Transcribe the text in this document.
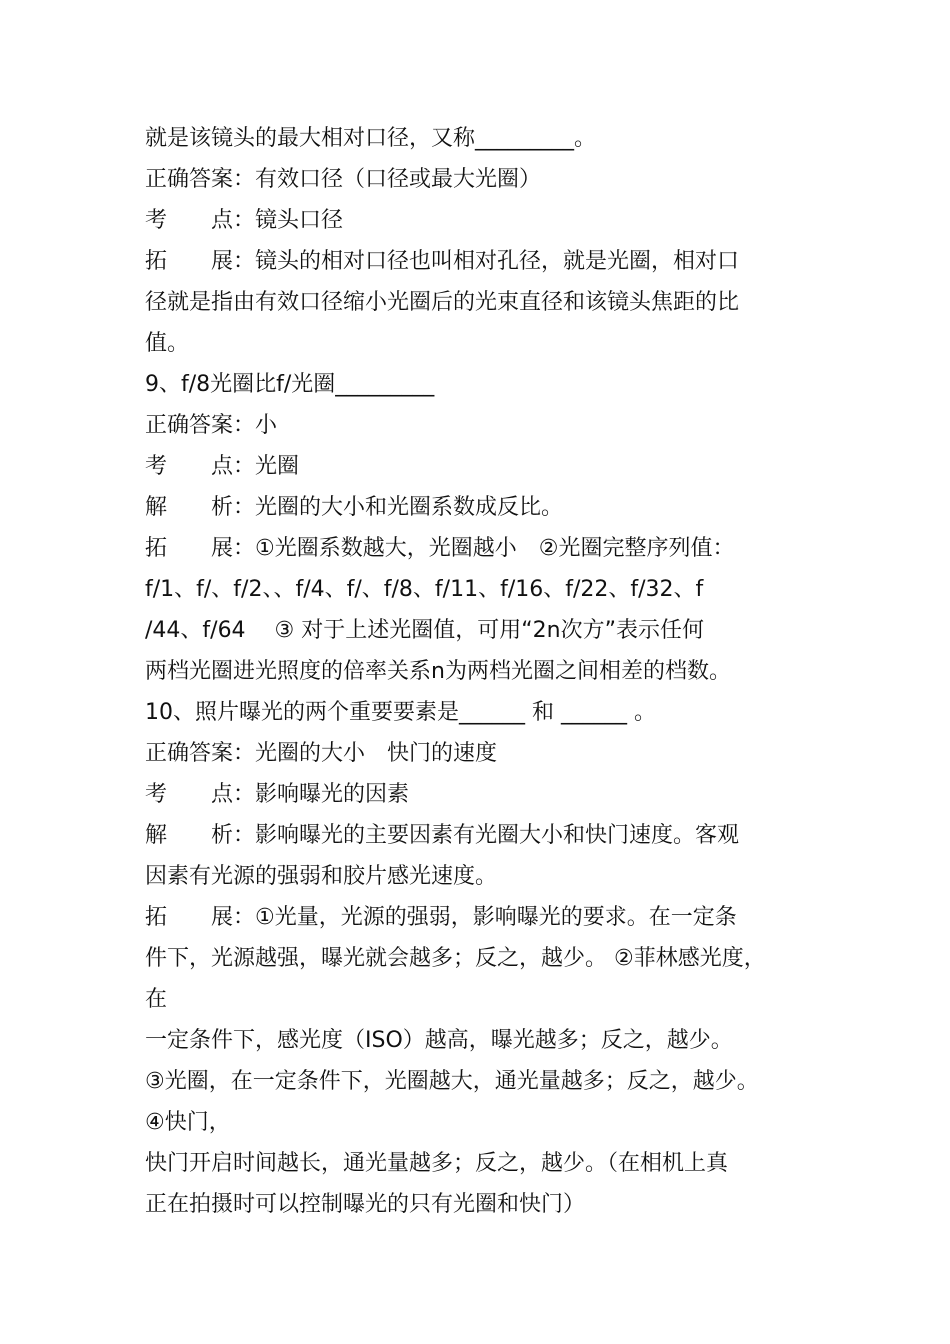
就是该镜头的最大相对口径，又称_________。
正确答案：有效口径（口径或最大光圈）
考　　点：镜头口径
拓　　展：镜头的相对口径也叫相对孔径，就是光圈，相对口
径就是指由有效口径缩小光圈后的光束直径和该镜头焦距的比
值。
9、f/8光圈比f/光圈_________
正确答案：小
考　　点：光圈
解　　析：光圈的大小和光圈系数成反比。
拓　　展：①光圈系数越大，光圈越小　②光圈完整序列值：
f/1、f/、f/2、、f/4、f/、f/8、f/11、f/16、f/22、f/32、f
/44、f/64　 ③ 对于上述光圈值，可用“2n次方”表示任何
两档光圈进光照度的倍率关系n为两档光圈之间相差的档数。
10、照片曝光的两个重要要素是______ 和 ______ 。
正确答案：光圈的大小　快门的速度
考　　点：影响曝光的因素
解　　析：影响曝光的主要因素有光圈大小和快门速度。客观
因素有光源的强弱和胶片感光速度。
拓　　展：①光量，光源的强弱，影响曝光的要求。在一定条
件下，光源越强，曝光就会越多；反之，越少。 ②菲林感光度，
在
一定条件下，感光度（ISO）越高，曝光越多；反之，越少。
③光圈，在一定条件下，光圈越大，通光量越多；反之，越少。
④快门，
快门开启时间越长，通光量越多；反之，越少。（在相机上真
正在拍摄时可以控制曝光的只有光圈和快门）
